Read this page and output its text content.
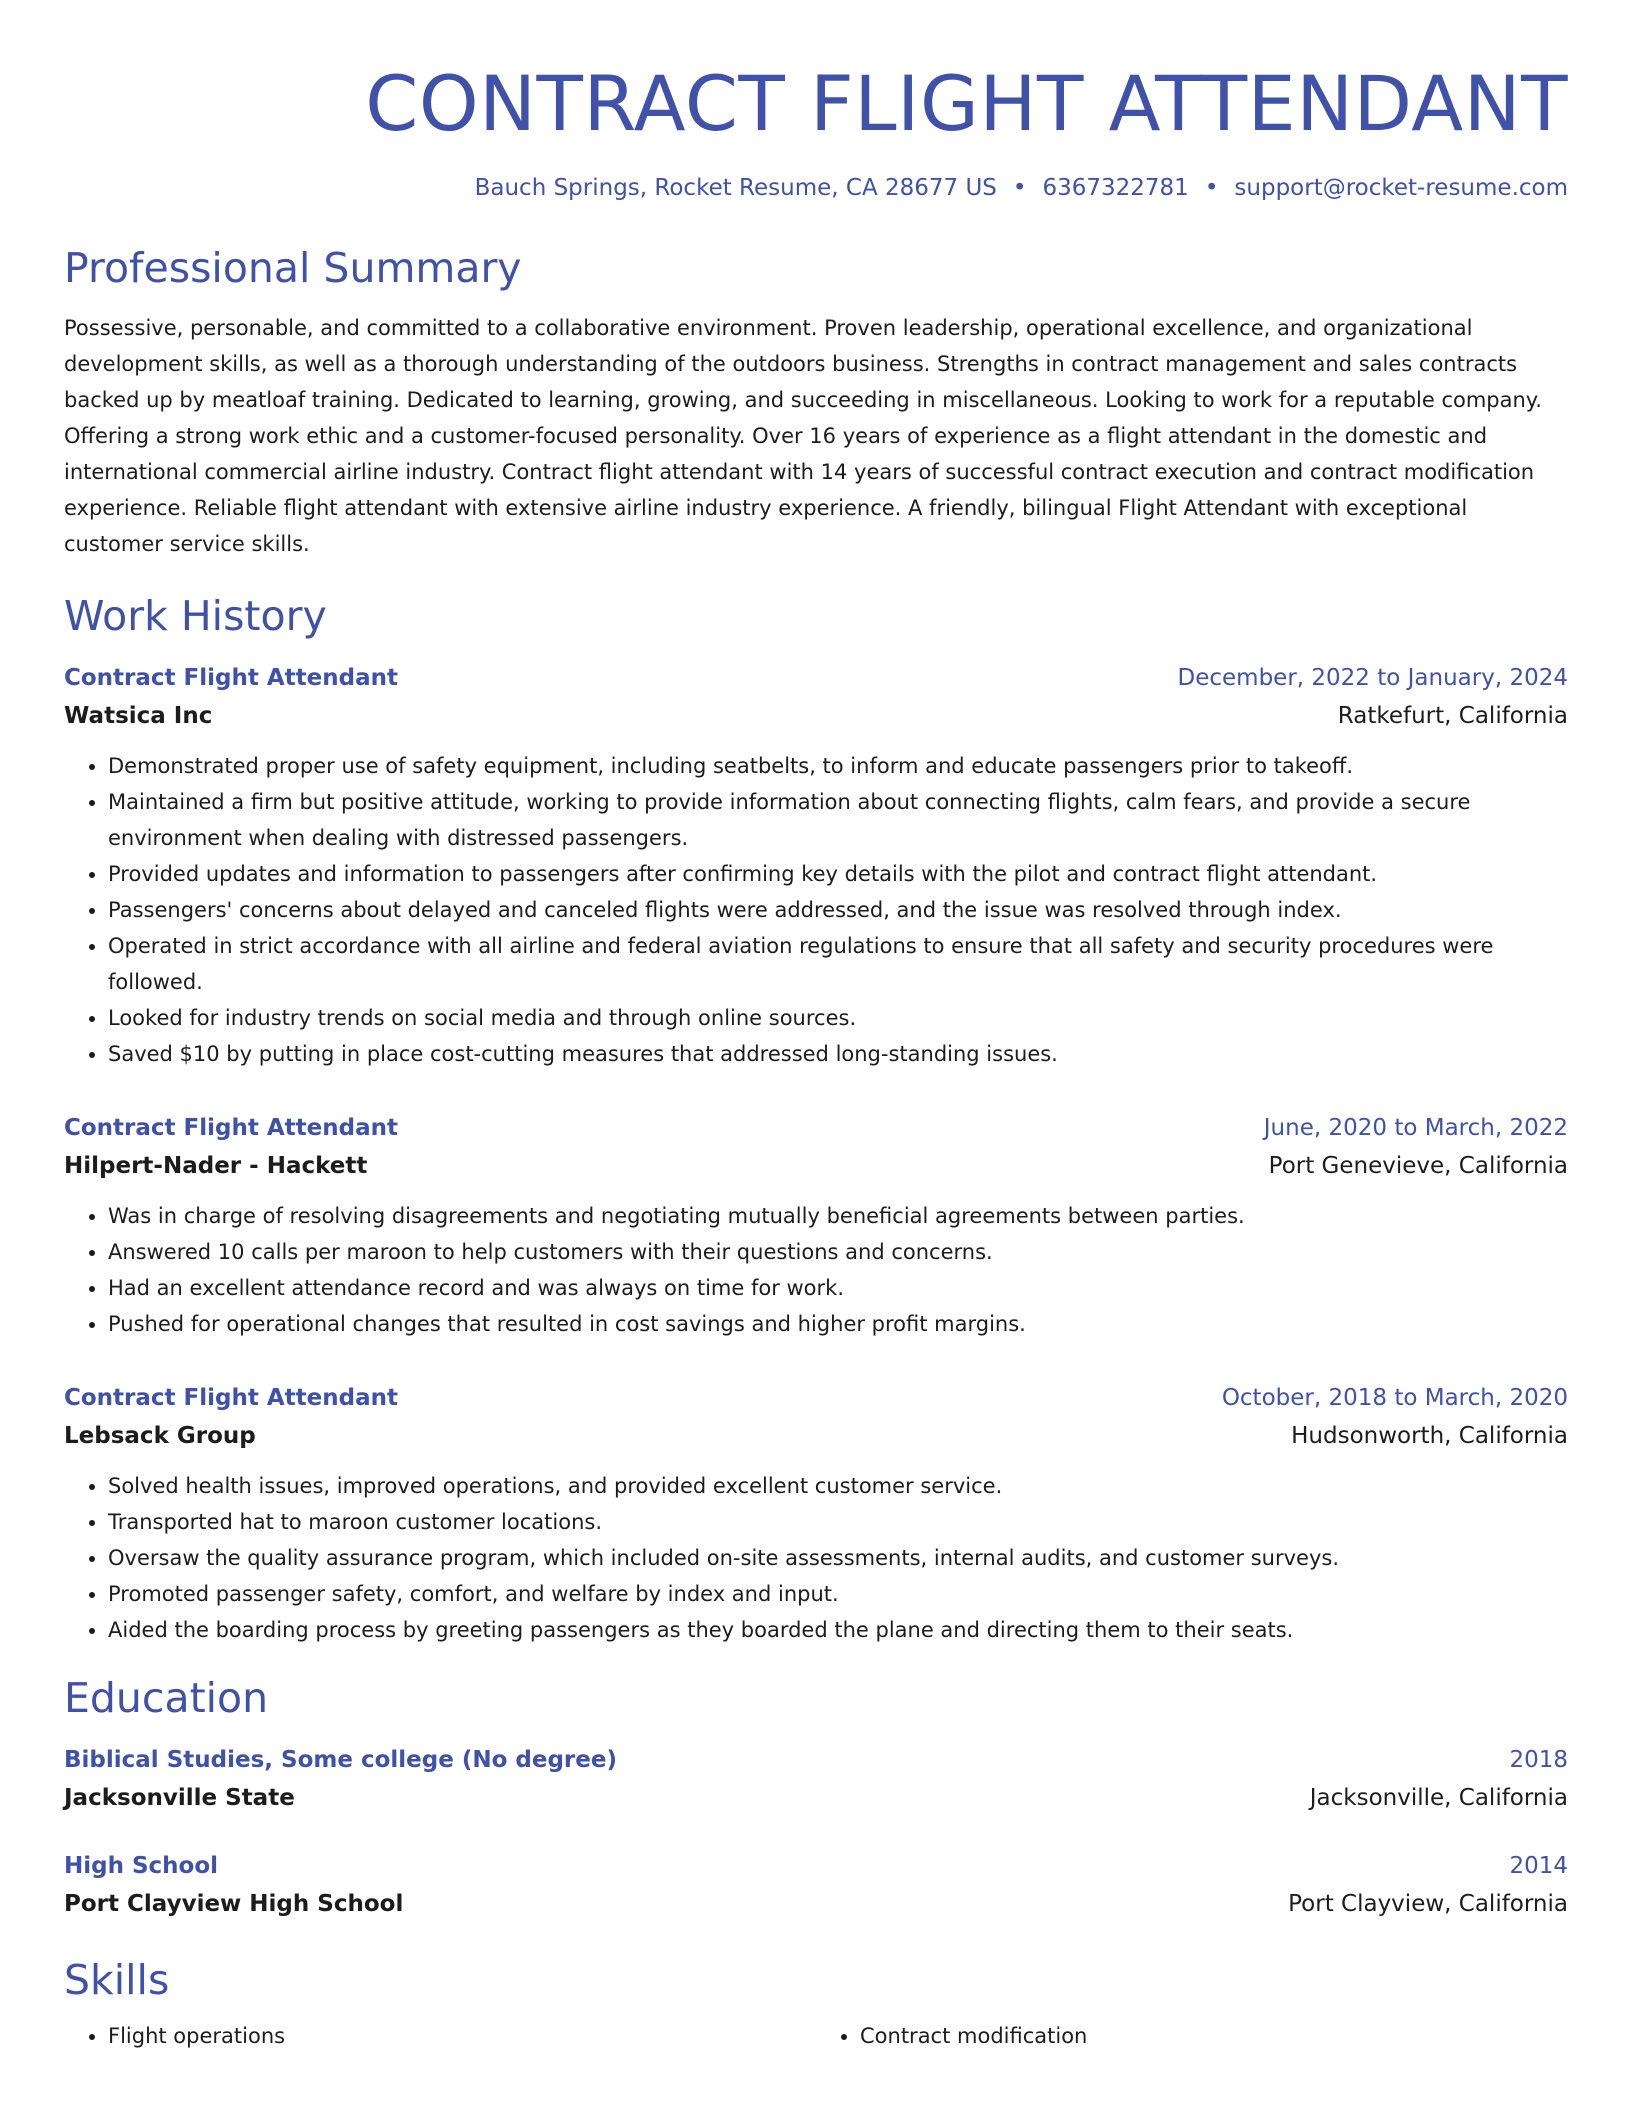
CONTRACT FLIGHT ATTENDANT
Bauch Springs, Rocket Resume, CA 28677 US • 6367322781 • support@rocket-resume.com
Professional Summary

Possessive, personable, and committed to a collaborative environment. Proven leadership, operational excellence, and organizational development skills, as well as a thorough understanding of the outdoors business. Strengths in contract management and sales contracts backed up by meatloaf training. Dedicated to learning, growing, and succeeding in miscellaneous. Looking to work for a reputable company. Offering a strong work ethic and a customer-focused personality. Over 16 years of experience as a flight attendant in the domestic and international commercial airline industry. Contract flight attendant with 14 years of successful contract execution and contract modification experience. Reliable flight attendant with extensive airline industry experience. A friendly, bilingual Flight Attendant with exceptional customer service skills.

Work History
Contract Flight Attendant	December, 2022 to January, 2024
Watsica Inc	Ratkefurt, California
• Demonstrated proper use of safety equipment, including seatbelts, to inform and educate passengers prior to takeoff.
• Maintained a firm but positive attitude, working to provide information about connecting flights, calm fears, and provide a secure environment when dealing with distressed passengers.
• Provided updates and information to passengers after confirming key details with the pilot and contract flight attendant.
• Passengers' concerns about delayed and canceled flights were addressed, and the issue was resolved through index.
• Operated in strict accordance with all airline and federal aviation regulations to ensure that all safety and security procedures were followed.
• Looked for industry trends on social media and through online sources.
• Saved $10 by putting in place cost-cutting measures that addressed long-standing issues.
Contract Flight Attendant	June, 2020 to March, 2022
Hilpert-Nader - Hackett	Port Genevieve, California
• Was in charge of resolving disagreements and negotiating mutually beneficial agreements between parties.
• Answered 10 calls per maroon to help customers with their questions and concerns.
• Had an excellent attendance record and was always on time for work.
• Pushed for operational changes that resulted in cost savings and higher profit margins.
Contract Flight Attendant	October, 2018 to March, 2020
Lebsack Group	Hudsonworth, California
• Solved health issues, improved operations, and provided excellent customer service.
• Transported hat to maroon customer locations.
• Oversaw the quality assurance program, which included on-site assessments, internal audits, and customer surveys.
• Promoted passenger safety, comfort, and welfare by index and input.
• Aided the boarding process by greeting passengers as they boarded the plane and directing them to their seats.
Education
Biblical Studies, Some college (No degree)	2018
Jacksonville State	Jacksonville, California
High School	2014
Port Clayview High School	Port Clayview, California
Skills
• Flight operations
•	Contract modification
